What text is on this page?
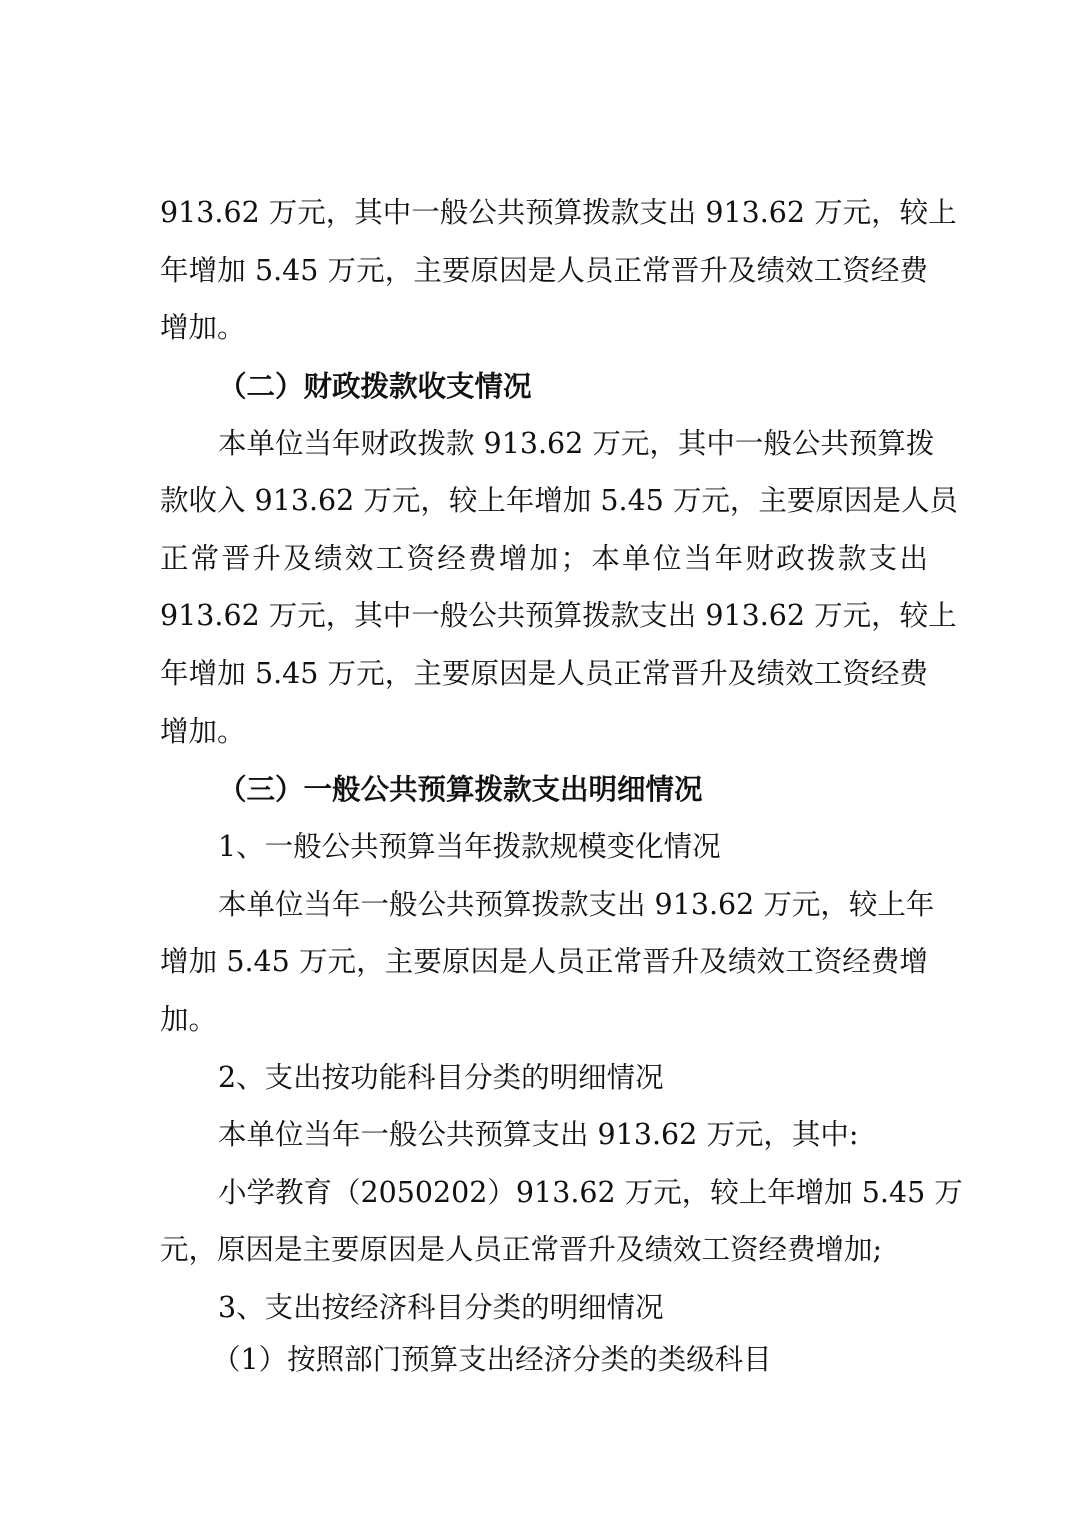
913.62 万元，其中一般公共预算拨款支出 913.62 万元，较上
年增加 5.45 万元，主要原因是人员正常晋升及绩效工资经费
增加。
（二）财政拨款收支情况
本单位当年财政拨款 913.62 万元，其中一般公共预算拨
款收入 913.62 万元，较上年增加 5.45 万元，主要原因是人员
正常晋升及绩效工资经费增加；本单位当年财政拨款支出
913.62 万元，其中一般公共预算拨款支出 913.62 万元，较上
年增加 5.45 万元，主要原因是人员正常晋升及绩效工资经费
增加。
（三）一般公共预算拨款支出明细情况
1、一般公共预算当年拨款规模变化情况
本单位当年一般公共预算拨款支出 913.62 万元，较上年
增加 5.45 万元，主要原因是人员正常晋升及绩效工资经费增
加。
2、支出按功能科目分类的明细情况
本单位当年一般公共预算支出 913.62 万元，其中:
小学教育（2050202）913.62 万元，较上年增加 5.45 万
元，原因是主要原因是人员正常晋升及绩效工资经费增加;
3、支出按经济科目分类的明细情况
（1）按照部门预算支出经济分类的类级科目
